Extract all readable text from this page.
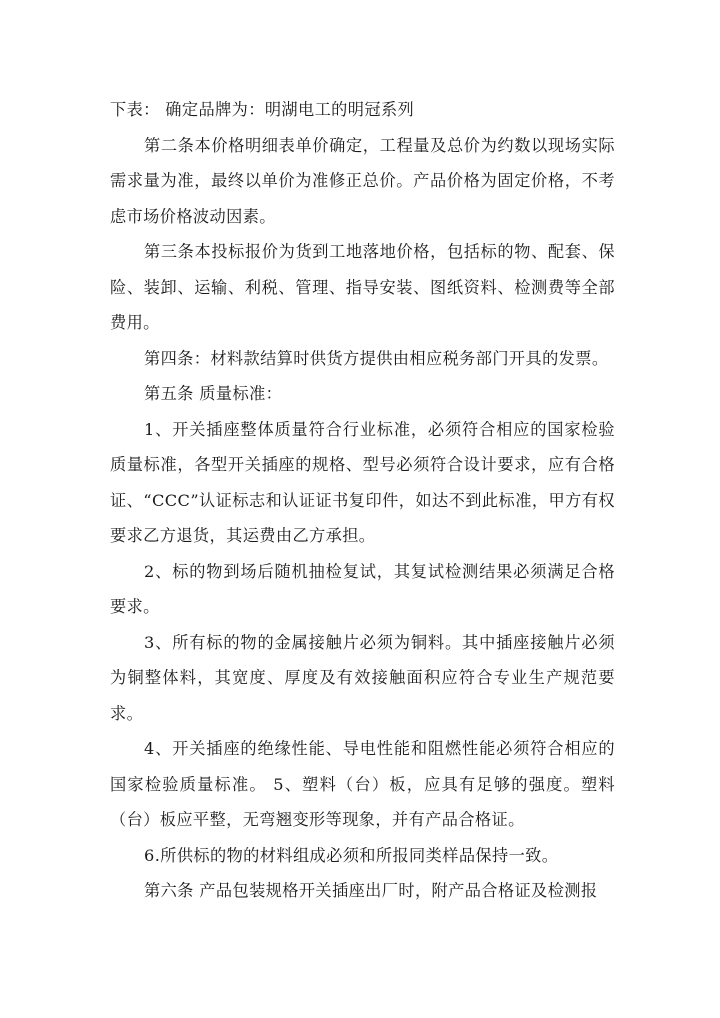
下表： 确定品牌为：明湖电工的明冠系列

第二条本价格明细表单价确定，工程量及总价为约数以现场实际需求量为准，最终以单价为准修正总价。产品价格为固定价格，不考虑市场价格波动因素。

第三条本投标报价为货到工地落地价格，包括标的物、配套、保险、装卸、运输、利税、管理、指导安装、图纸资料、检测费等全部费用。

第四条：材料款结算时供货方提供由相应税务部门开具的发票。

第五条 质量标准：

1、开关插座整体质量符合行业标准，必须符合相应的国家检验质量标准，各型开关插座的规格、型号必须符合设计要求，应有合格证、“CCC”认证标志和认证证书复印件，如达不到此标准，甲方有权要求乙方退货，其运费由乙方承担。

2、标的物到场后随机抽检复试，其复试检测结果必须满足合格要求。

3、所有标的物的金属接触片必须为铜料。其中插座接触片必须为铜整体料，其宽度、厚度及有效接触面积应符合专业生产规范要求。

4、开关插座的绝缘性能、导电性能和阻燃性能必须符合相应的国家检验质量标准。 5、塑料（台）板，应具有足够的强度。塑料（台）板应平整，无弯翘变形等现象，并有产品合格证。

6.所供标的物的材料组成必须和所报同类样品保持一致。

第六条 产品包装规格开关插座出厂时，附产品合格证及检测报
